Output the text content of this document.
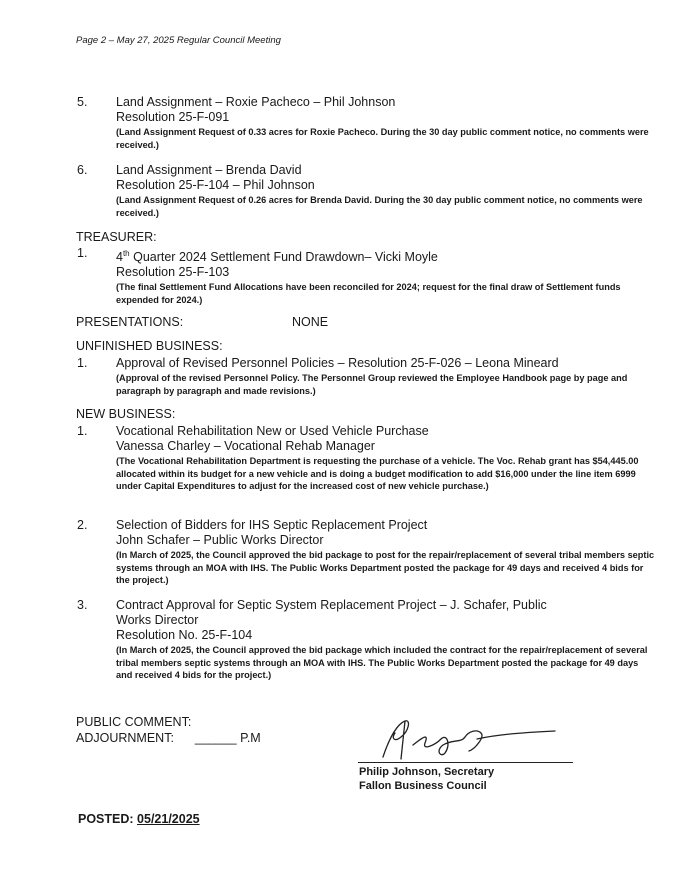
Page 2 – May 27, 2025 Regular Council Meeting
5. Land Assignment – Roxie Pacheco – Phil Johnson
Resolution 25-F-091
(Land Assignment Request of 0.33 acres for Roxie Pacheco. During the 30 day public comment notice, no comments were received.)
6. Land Assignment – Brenda David
Resolution 25-F-104 – Phil Johnson
(Land Assignment Request of 0.26 acres for Brenda David. During the 30 day public comment notice, no comments were received.)
TREASURER:
1. 4th Quarter 2024 Settlement Fund Drawdown– Vicki Moyle
Resolution 25-F-103
(The final Settlement Fund Allocations have been reconciled for 2024; request for the final draw of Settlement funds expended for 2024.)
PRESENTATIONS:	NONE
UNFINISHED BUSINESS:
1. Approval of Revised Personnel Policies – Resolution 25-F-026 – Leona Mineard
(Approval of the revised Personnel Policy. The Personnel Group reviewed the Employee Handbook page by page and paragraph by paragraph and made revisions.)
NEW BUSINESS:
1. Vocational Rehabilitation New or Used Vehicle Purchase
Vanessa Charley – Vocational Rehab Manager
(The Vocational Rehabilitation Department is requesting the purchase of a vehicle. The Voc. Rehab grant has $54,445.00 allocated within its budget for a new vehicle and is doing a budget modification to add $16,000 under the line item 6999 under Capital Expenditures to adjust for the increased cost of new vehicle purchase.)
2. Selection of Bidders for IHS Septic Replacement Project
John Schafer – Public Works Director
(In March of 2025, the Council approved the bid package to post for the repair/replacement of several tribal members septic systems through an MOA with IHS. The Public Works Department posted the package for 49 days and received 4 bids for the project.)
3. Contract Approval for Septic System Replacement Project – J. Schafer, Public
Works Director
Resolution No. 25-F-104
(In March of 2025, the Council approved the bid package which included the contract for the repair/replacement of several tribal members septic systems through an MOA with IHS. The Public Works Department posted the package for 49 days and received 4 bids for the project.)
PUBLIC COMMENT:
ADJOURNMENT: ______ P.M
Philip Johnson, Secretary
Fallon Business Council
POSTED: 05/21/2025
